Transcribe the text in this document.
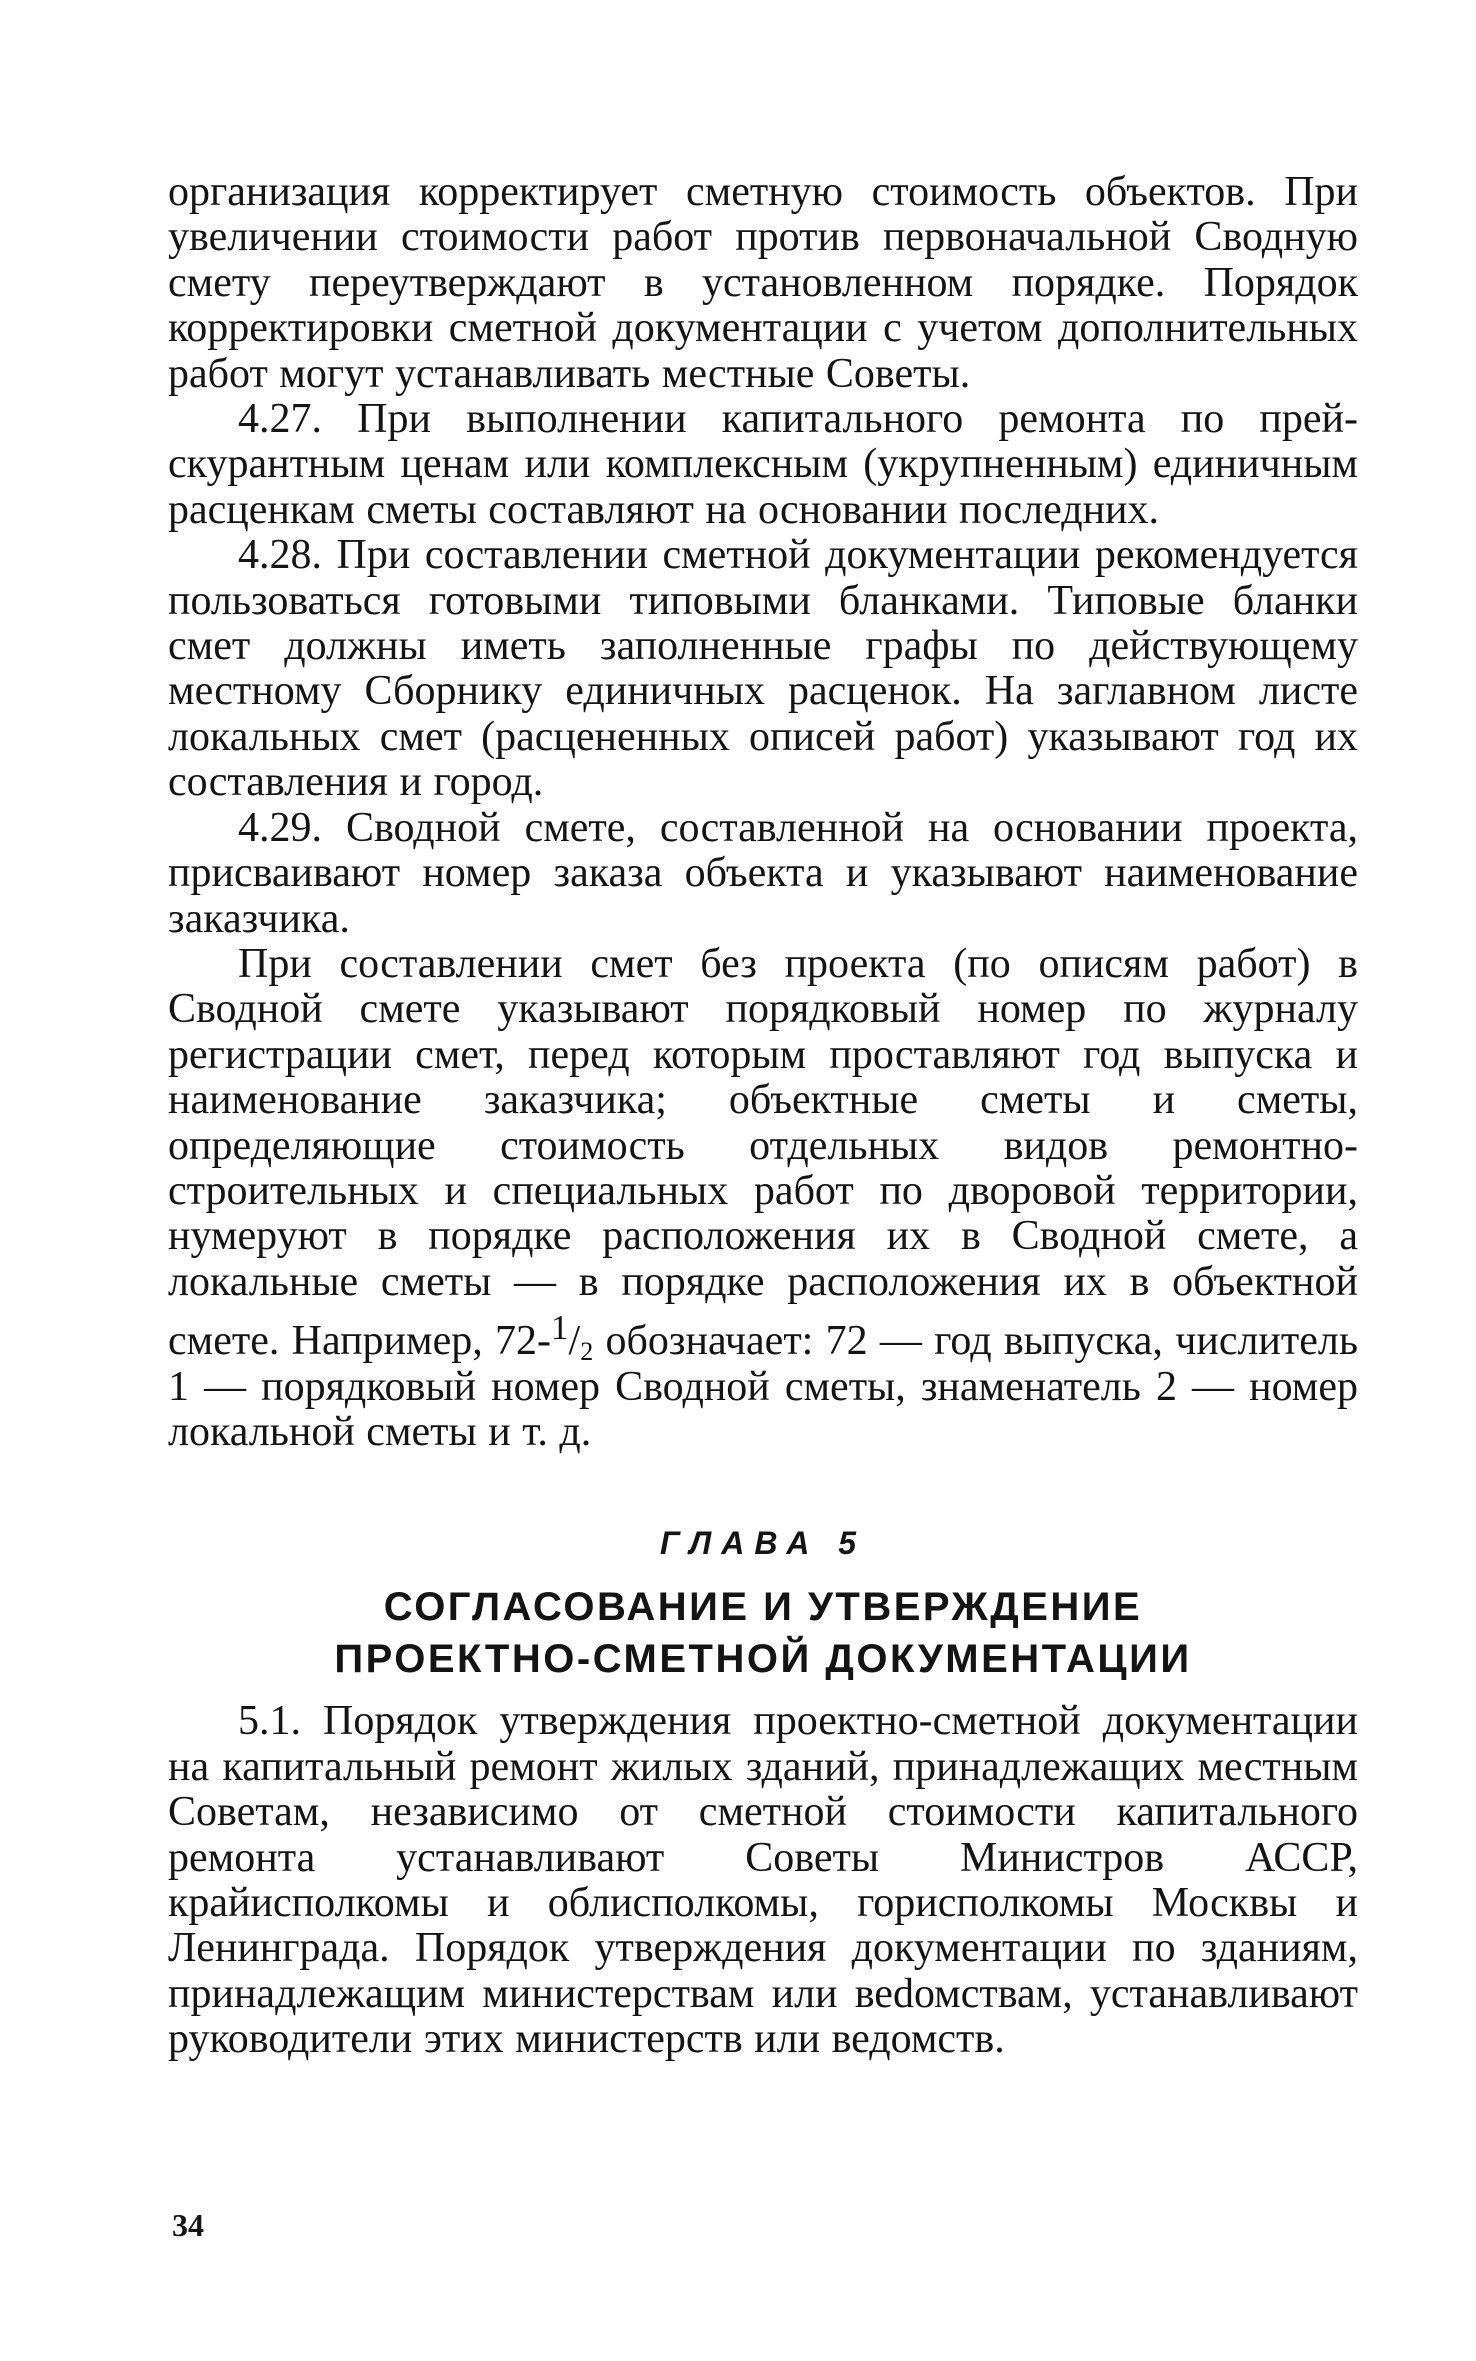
организация корректирует сметную стоимость объектов. При увеличении стоимости работ против первоначальной Сводную смету переутверждают в установленном порядке. Порядок корректировки сметной документации с учетом дополнительных работ могут устанавливать местные Советы.

4.27. При выполнении капитального ремонта по прейскурантным ценам или комплексным (укрупненным) единичным расценкам сметы составляют на основании последних.

4.28. При составлении сметной документации рекомендуется пользоваться готовыми типовыми бланками. Типовые бланки смет должны иметь заполненные графы по действующему местному Сборнику единичных расценок. На заглавном листе локальных смет (расцененных описей работ) указывают год их составления и город.

4.29. Сводной смете, составленной на основании проекта, присваивают номер заказа объекта и указывают наименование заказчика.

При составлении смет без проекта (по описям работ) в Сводной смете указывают порядковый номер по журналу регистрации смет, перед которым проставляют год выпуска и наименование заказчика; объектные сметы и сметы, определяющие стоимость отдельных видов ремонтно-строительных и специальных работ по дворовой территории, нумеруют в порядке расположения их в Сводной смете, а локальные сметы — в порядке расположения их в объектной смете. Например, $72-^1/_2$ обозначает: 72 — год выпуска, числитель 1 — порядковый номер Сводной сметы, знаменатель 2 — номер локальной сметы и т. д.

ГЛАВА 5
СОГЛАСОВАНИЕ И УТВЕРЖДЕНИЕ
ПРОЕКТНО-СМЕТНОЙ ДОКУМЕНТАЦИИ

5.1. Порядок утверждения проектно-сметной документации на капитальный ремонт жилых зданий, принадлежащих местным Советам, независимо от сметной стоимости капитального ремонта устанавливают Советы Министров АССР, крайисполкомы и облисполкомы, горисполкомы Москвы и Ленинграда. Порядок утверждения документации по зданиям, принадлежащим министерствам или веdомствам, устанавливают руководители этих министерств или ведомств.

34
